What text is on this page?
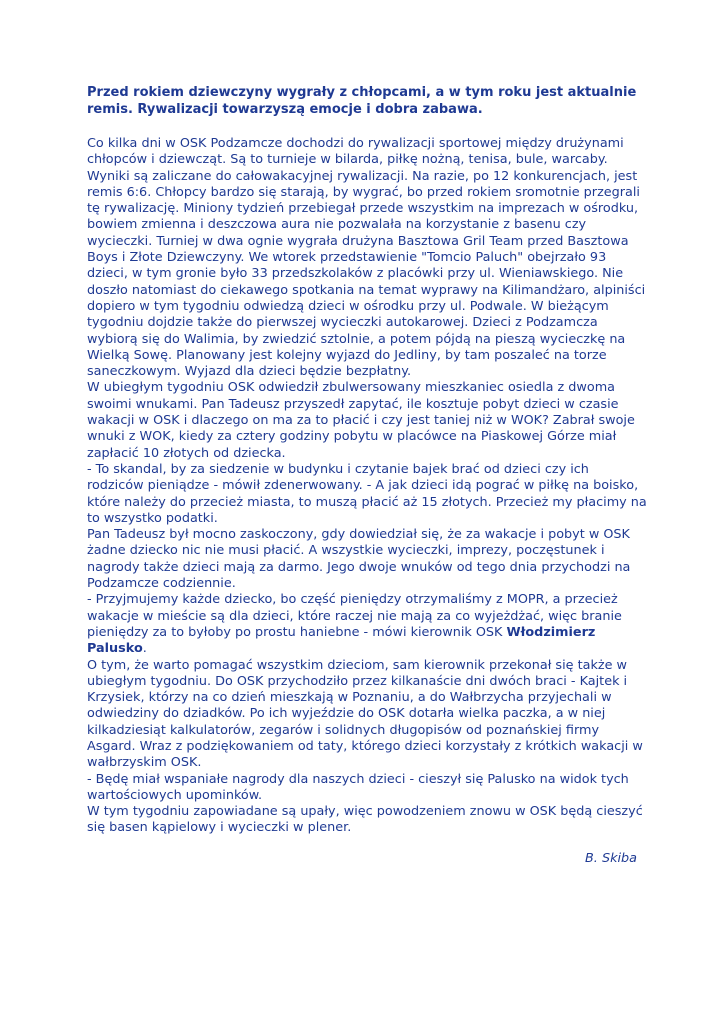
Przed rokiem dziewczyny wygrały z chłopcami, a w tym roku jest aktualnie remis. Rywalizacji towarzyszą emocje i dobra zabawa.

Co kilka dni w OSK Podzamcze dochodzi do rywalizacji sportowej między drużynami chłopców i dziewcząt. Są to turnieje w bilarda, piłkę nożną, tenisa, bule, warcaby. Wyniki są zaliczane do całowakacyjnej rywalizacji. Na razie, po 12 konkurencjach, jest remis 6:6. Chłopcy bardzo się starają, by wygrać, bo przed rokiem sromotnie przegrali tę rywalizację. Miniony tydzień przebiegał przede wszystkim na imprezach w ośrodku, bowiem zmienna i deszczowa aura nie pozwalała na korzystanie z basenu czy wycieczki. Turniej w dwa ognie wygrała drużyna Basztowa Gril Team przed Basztowa Boys i Złote Dziewczyny. We wtorek przedstawienie "Tomcio Paluch" obejrzało 93 dzieci, w tym gronie było 33 przedszkolaków z placówki przy ul. Wieniawskiego. Nie doszło natomiast do ciekawego spotkania na temat wyprawy na Kilimandżaro, alpiniści dopiero w tym tygodniu odwiedzą dzieci w ośrodku przy ul. Podwale. W bieżącym tygodniu dojdzie także do pierwszej wycieczki autokarowej. Dzieci z Podzamcza wybiorą się do Walimia, by zwiedzić sztolnie, a potem pójdą na pieszą wycieczkę na Wielką Sowę. Planowany jest kolejny wyjazd do Jedliny, by tam poszaleć na torze saneczkowym. Wyjazd dla dzieci będzie bezpłatny.

W ubiegłym tygodniu OSK odwiedził zbulwersowany mieszkaniec osiedla z dwoma swoimi wnukami. Pan Tadeusz przyszedł zapytać, ile kosztuje pobyt dzieci w czasie wakacji w OSK i dlaczego on ma za to płacić i czy jest taniej niż w WOK? Zabrał swoje wnuki z WOK, kiedy za cztery godziny pobytu w placówce na Piaskowej Górze miał zapłacić 10 złotych od dziecka.

- To skandal, by za siedzenie w budynku i czytanie bajek brać od dzieci czy ich rodziców pieniądze - mówił zdenerwowany. - A jak dzieci idą pograć w piłkę na boisko, które należy do przecież miasta, to muszą płacić aż 15 złotych. Przecież my płacimy na to wszystko podatki.

Pan Tadeusz był mocno zaskoczony, gdy dowiedział się, że za wakacje i pobyt w OSK żadne dziecko nic nie musi płacić. A wszystkie wycieczki, imprezy, poczęstunek i nagrody także dzieci mają za darmo. Jego dwoje wnuków od tego dnia przychodzi na Podzamcze codziennie.

- Przyjmujemy każde dziecko, bo część pieniędzy otrzymaliśmy z MOPR, a przecież wakacje w mieście są dla dzieci, które raczej nie mają za co wyjeżdżać, więc branie pieniędzy za to byłoby po prostu haniebne - mówi kierownik OSK Włodzimierz Palusko.

O tym, że warto pomagać wszystkim dzieciom, sam kierownik przekonał się także w ubiegłym tygodniu. Do OSK przychodziło przez kilkanaście dni dwóch braci - Kajtek i Krzysiek, którzy na co dzień mieszkają w Poznaniu, a do Wałbrzycha przyjechali w odwiedziny do dziadków. Po ich wyjeździe do OSK dotarła wielka paczka, a w niej kilkadziesiąt kalkulatorów, zegarów i solidnych długopisów od poznańskiej firmy Asgard. Wraz z podziękowaniem od taty, którego dzieci korzystały z krótkich wakacji w wałbrzyskim OSK.

- Będę miał wspaniałe nagrody dla naszych dzieci - cieszył się Palusko na widok tych wartościowych upominków.

W tym tygodniu zapowiadane są upały, więc powodzeniem znowu w OSK będą cieszyć się basen kąpielowy i wycieczki w plener.

B. Skiba
